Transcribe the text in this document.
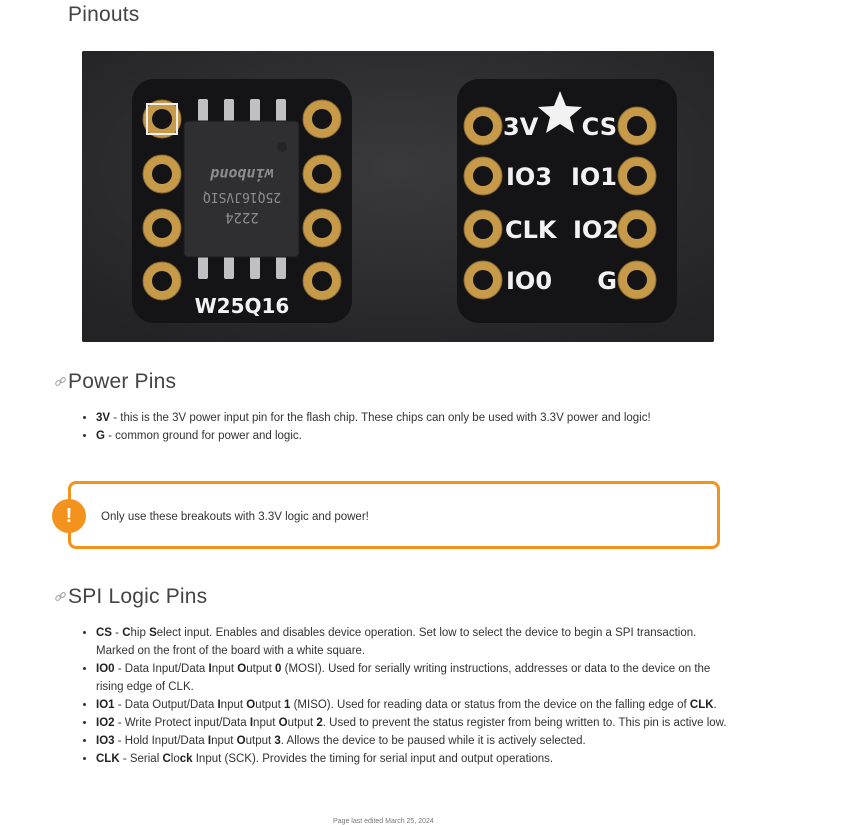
Pinouts
2224
25Q16JVSIQ
winbond
W25Q16
3V CS
IO3 IO1
CLK IO2
IO0 G
Power Pins
• 3V - this is the 3V power input pin for the flash chip. These chips can only be used with 3.3V power and logic!
• G - common ground for power and logic.
!	Only use these breakouts with 3.3V logic and power!
SPI Logic Pins
• CS - Chip Select input. Enables and disables device operation. Set low to select the device to begin a SPI transaction. Marked on the front of the board with a white square.
• IO0 - Data Input/Data Input Output 0 (MOSI). Used for serially writing instructions, addresses or data to the device on the rising edge of CLK.
• IO1 - Data Output/Data Input Output 1 (MISO). Used for reading data or status from the device on the falling edge of CLK.
• IO2 - Write Protect input/Data Input Output 2. Used to prevent the status register from being written to. This pin is active low.
• IO3 - Hold Input/Data Input Output 3. Allows the device to be paused while it is actively selected.
• CLK - Serial Clock Input (SCK). Provides the timing for serial input and output operations.
Page last edited March 25, 2024
